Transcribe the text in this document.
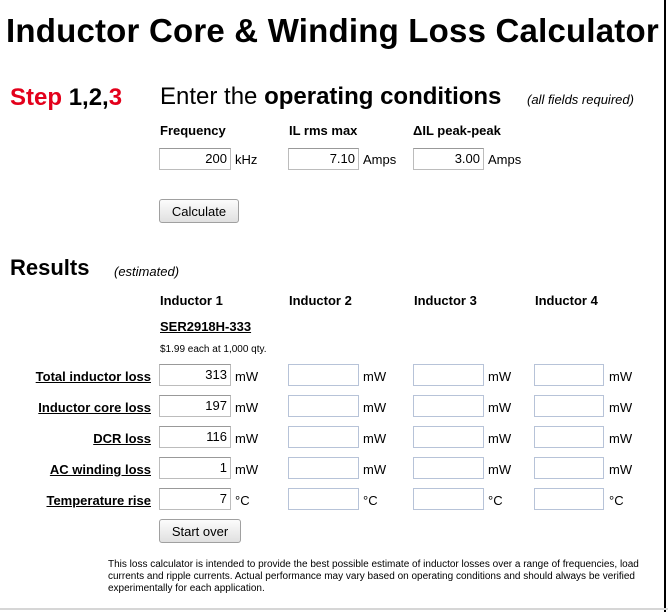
Inductor Core & Winding Loss Calculator
Step 1,2,3 Enter the operating conditions (all fields required)
Frequency	IL rms max	ΔIL peak-peak
200 kHz	7.10 Amps	3.00 Amps
Calculate
Results (estimated)
Inductor 1	Inductor 2	Inductor 3	Inductor 4
SER2918H-333
$1.99 each at 1,000 qty.
Total inductor loss	313 mW	mW	mW	mW
Inductor core loss	197 mW	mW	mW	mW
DCR loss	116 mW	mW	mW	mW
AC winding loss	1 mW	mW	mW	mW
Temperature rise	7 °C	°C	°C	°C
Start over
This loss calculator is intended to provide the best possible estimate of inductor losses over a range of frequencies, load currents and ripple currents. Actual performance may vary based on operating conditions and should always be verified experimentally for each application.
